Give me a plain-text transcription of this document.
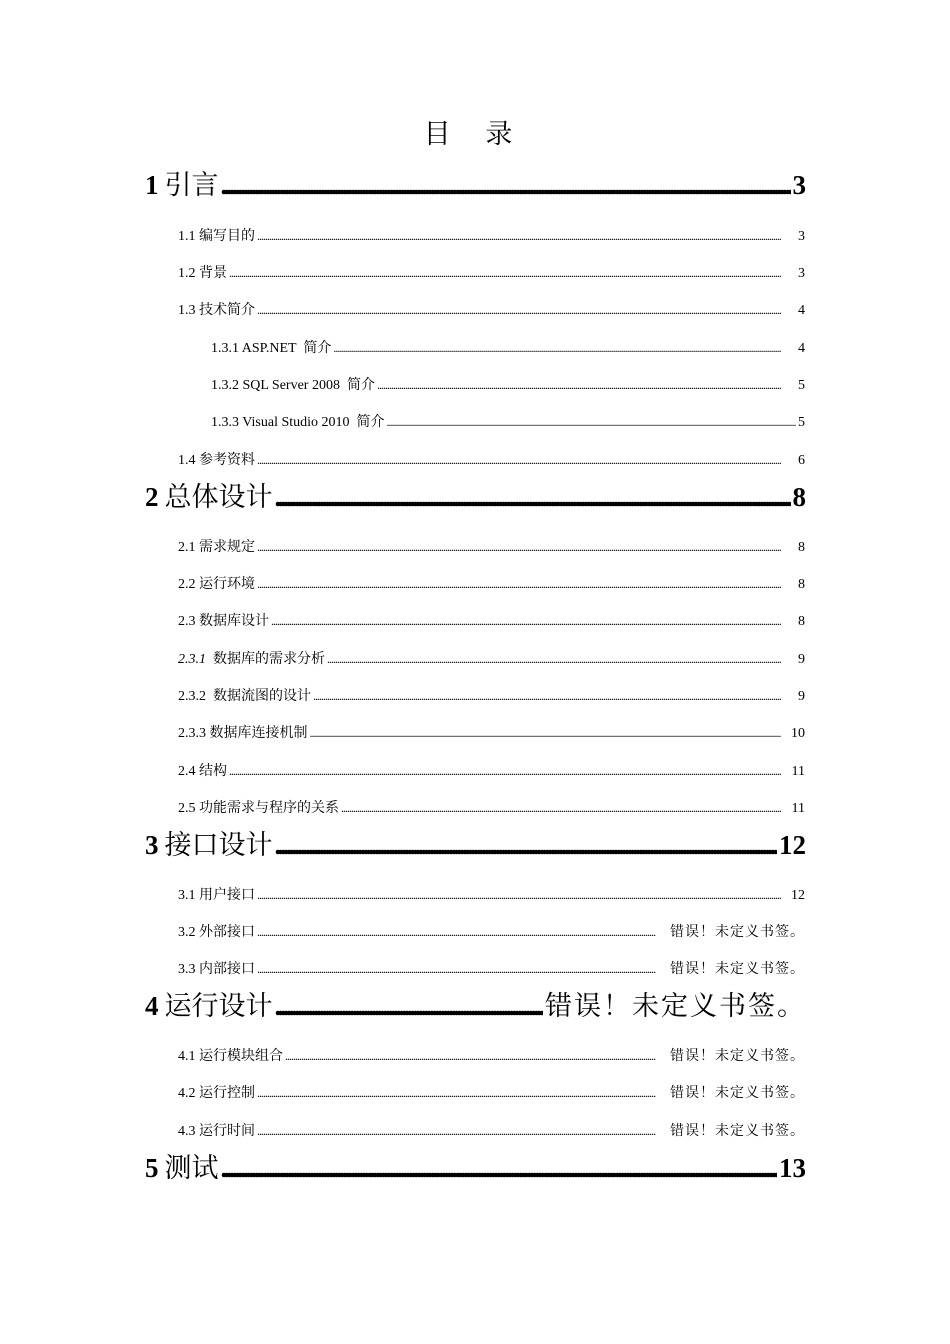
目 录
1 引言 .....	3
1.1 编写目的 .....	3
1.2 背景 .....	3
1.3 技术简介 .....	4
1.3.1 ASP.NET  简介 .....	4
1.3.2 SQL Server 2008  简介 .....	5
1.3.3 Visual Studio 2010  简介 .....	5
1.4 参考资料 .....	6
2 总体设计 .....	8
2.1 需求规定 .....	8
2.2 运行环境 .....	8
2.3 数据库设计 .....	8
2.3.1  数据库的需求分析 .....	9
2.3.2  数据流图的设计 .....	9
2.3.3 数据库连接机制 .....	10
2.4 结构 .....	11
2.5 功能需求与程序的关系 .....	11
3 接口设计 .....	12
3.1 用户接口 .....	12
3.2 外部接口 .....	错误！未定义书签。
3.3 内部接口 .....	错误！未定义书签。
4 运行设计 .....	错误！未定义书签。
4.1 运行模块组合 .....	错误！未定义书签。
4.2 运行控制 .....	错误！未定义书签。
4.3 运行时间 .....	错误！未定义书签。
5 测试 .....	13
